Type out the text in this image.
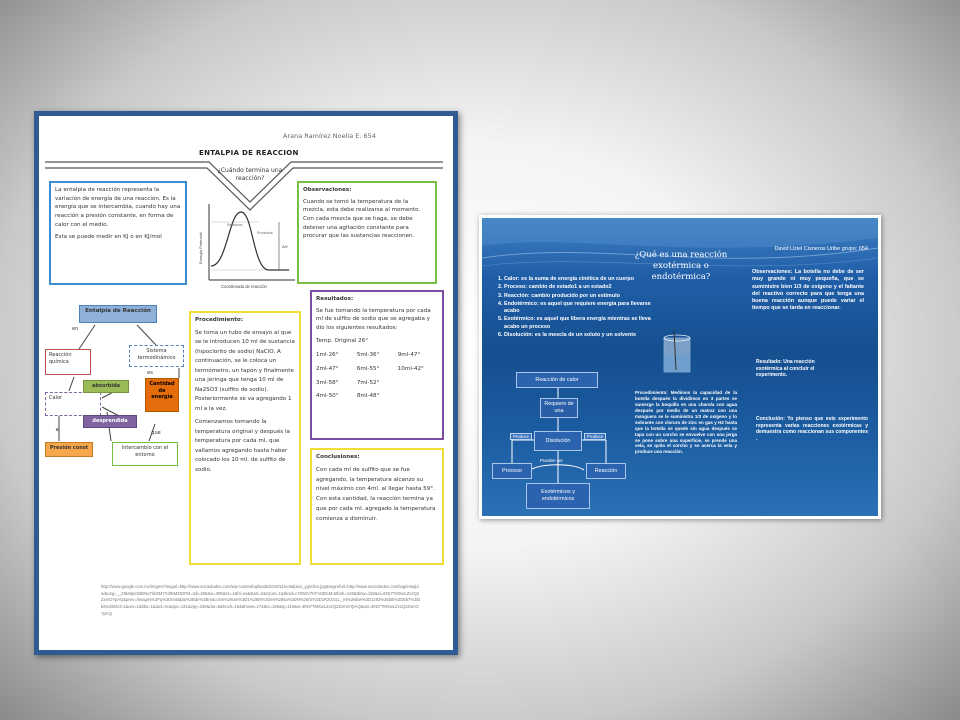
Arana Ramírez Noelia E. 654
ENTALPIA DE REACCION
¿Cuándo termina una reacción?

La entalpia de reacción representa la variación de energía de una reacción. Es la energía que se intercambia, cuando hay una reacción a presión constante, en forma de calor con el medio.

Esta se puede medir en KJ o en KJ/mol	Energía Potencial
Coordenada de reacción
Reactivos
Productos
ΔH
Observaciones:
Cuando se tomó la temperatura de la mezcla, esta debe realizarse al momento. Con cada mezcla que se haga, se debe detener una agitación constante para procurar que las sustancias reaccionen.
Entalpía de Reacción
en
Reacción química
Sistema termodinámico
es
Calor
absorbida
desprendida
Cantidad de energía
Presión const	Intercambio con el entorno
a	que
Procedimiento:

Se toma un tubo de ensayo al que se le introducen 10 ml de sustancia (hipoclorito de sodio) NaClO. A continuación, se le coloca un termómetro, un tapón y finalmente una jeringa que tenga 10 ml de Na2SO3 (sulfito de sodio). Posteriormente se va agregando 1 ml a la vez.

Comenzamos tomando la temperatura original y después la temperatura por cada ml, que vallamos agregando hasta haber colocado los 10 ml. de sulfito de sodio.

Resultados:

Se fue tomando la temperatura por cada ml de sulfito de sodio que se agregaba y dio los siguientes resultados:

Temp. Original 26°

1ml-26°	5ml-36°	9ml-47°
2ml-47°	6ml-55°	10ml-42°
3ml-58°	7ml-52°
4ml-50°	8ml-48°
Conclusiones:
Con cada ml de sulfito que se fue agregando, la temperatura alcanzo su nivel máximo con 4ml. al llegar hasta 59°. Con esta cantidad, la reacción termina ya que por cada ml. agregado la temperatura comienza a disminuir.
http://www.google.com.mx/imgres?imgurl=http://www.sociedades.com/wp-content/uploads/2010/11/entalpia1_ygrafico.jpg&imgrefurl=http://www.sociedades.com/tag/entalpia/&usg=__Zt6a8pxS8ENeTkb0M7YdtKMZrDPt4=&h=266&w=395&sz=1&hl=es&start=2&zoom=1&tbnid=cYDWV7KFnI3DeM:&tbnh=126&tbnw=150&ei=ENt7TMXwLZvzQ2ZxmOYpAQ&prev=/images%3Fq%3Dentalpia%2Bde%2Breaccion%26um%3D1%26hl%3Des%26sa%3DN%26rlz%3D1R2GGLL_es%26biw%3D1263%26bih%3D557%26tbs%3Disch:1&um=1&itbs=1&iact=hc&vpx=131&vpy=238&dur=8&hovh=184&hovw=274&tx=158&ty=119&ei=ENt7TMXwLZvzQ2ZxmOYpAQ&oei=ENt7TMXwLZvzQ2ZxmOYpAQ
David Uziel Cisneros Uribe grupo: 654
¿Qué es una reacción exotérmica o endotérmica?
1. Calor: es la suma de energía cinética de un cuerpo
2. Proceso: cambio de estado1 a un estado2
3. Reacción: cambio producido por un estimulo
4. Endotérmico: es aquel que requiere energía para llevarse acabo
5. Exotérmico: es aquel que libera energía mientras se lleva acabo un proceso
6. Disolución: es la mescla de un soluto y un solvente
Observaciones: La botella no debe de ser muy grande ni muy pequeña, que se suministre bien 1/3 de oxígeno y el faltante del reactivo correcto para que tenga una buena reacción aunque puede variar el tiempo que se tarda en reaccionar.
Resultado: Una reacción exotérmica al concluir el experimento.
Conclusión: Yo pienso que este experimento representa varias reacciones exotérmicas y demuestra como reaccionan sus componentes .
Procedimiento: Medimos la capacidad de la botella después la dividimos en 3 partes se sumerge la boquilla en una charola con agua después por medio de un matraz con una manguera se le suministra 1/3 de oxígeno y lo sobrante con cloruro de zinc en gas y H2 hasta que la botella se quede sin agua después se tapa con un corcho se envuelve con una jerga se pone sobre una superficie, se prende una vela, se quita el corcho y se acerca la vela y produce una reacción.
Reacción de calor
Requiere de una
Disolución
Produce	Produce
Proceso	Reacción
Pueden ser
Exotérmicos y endotérmicos
